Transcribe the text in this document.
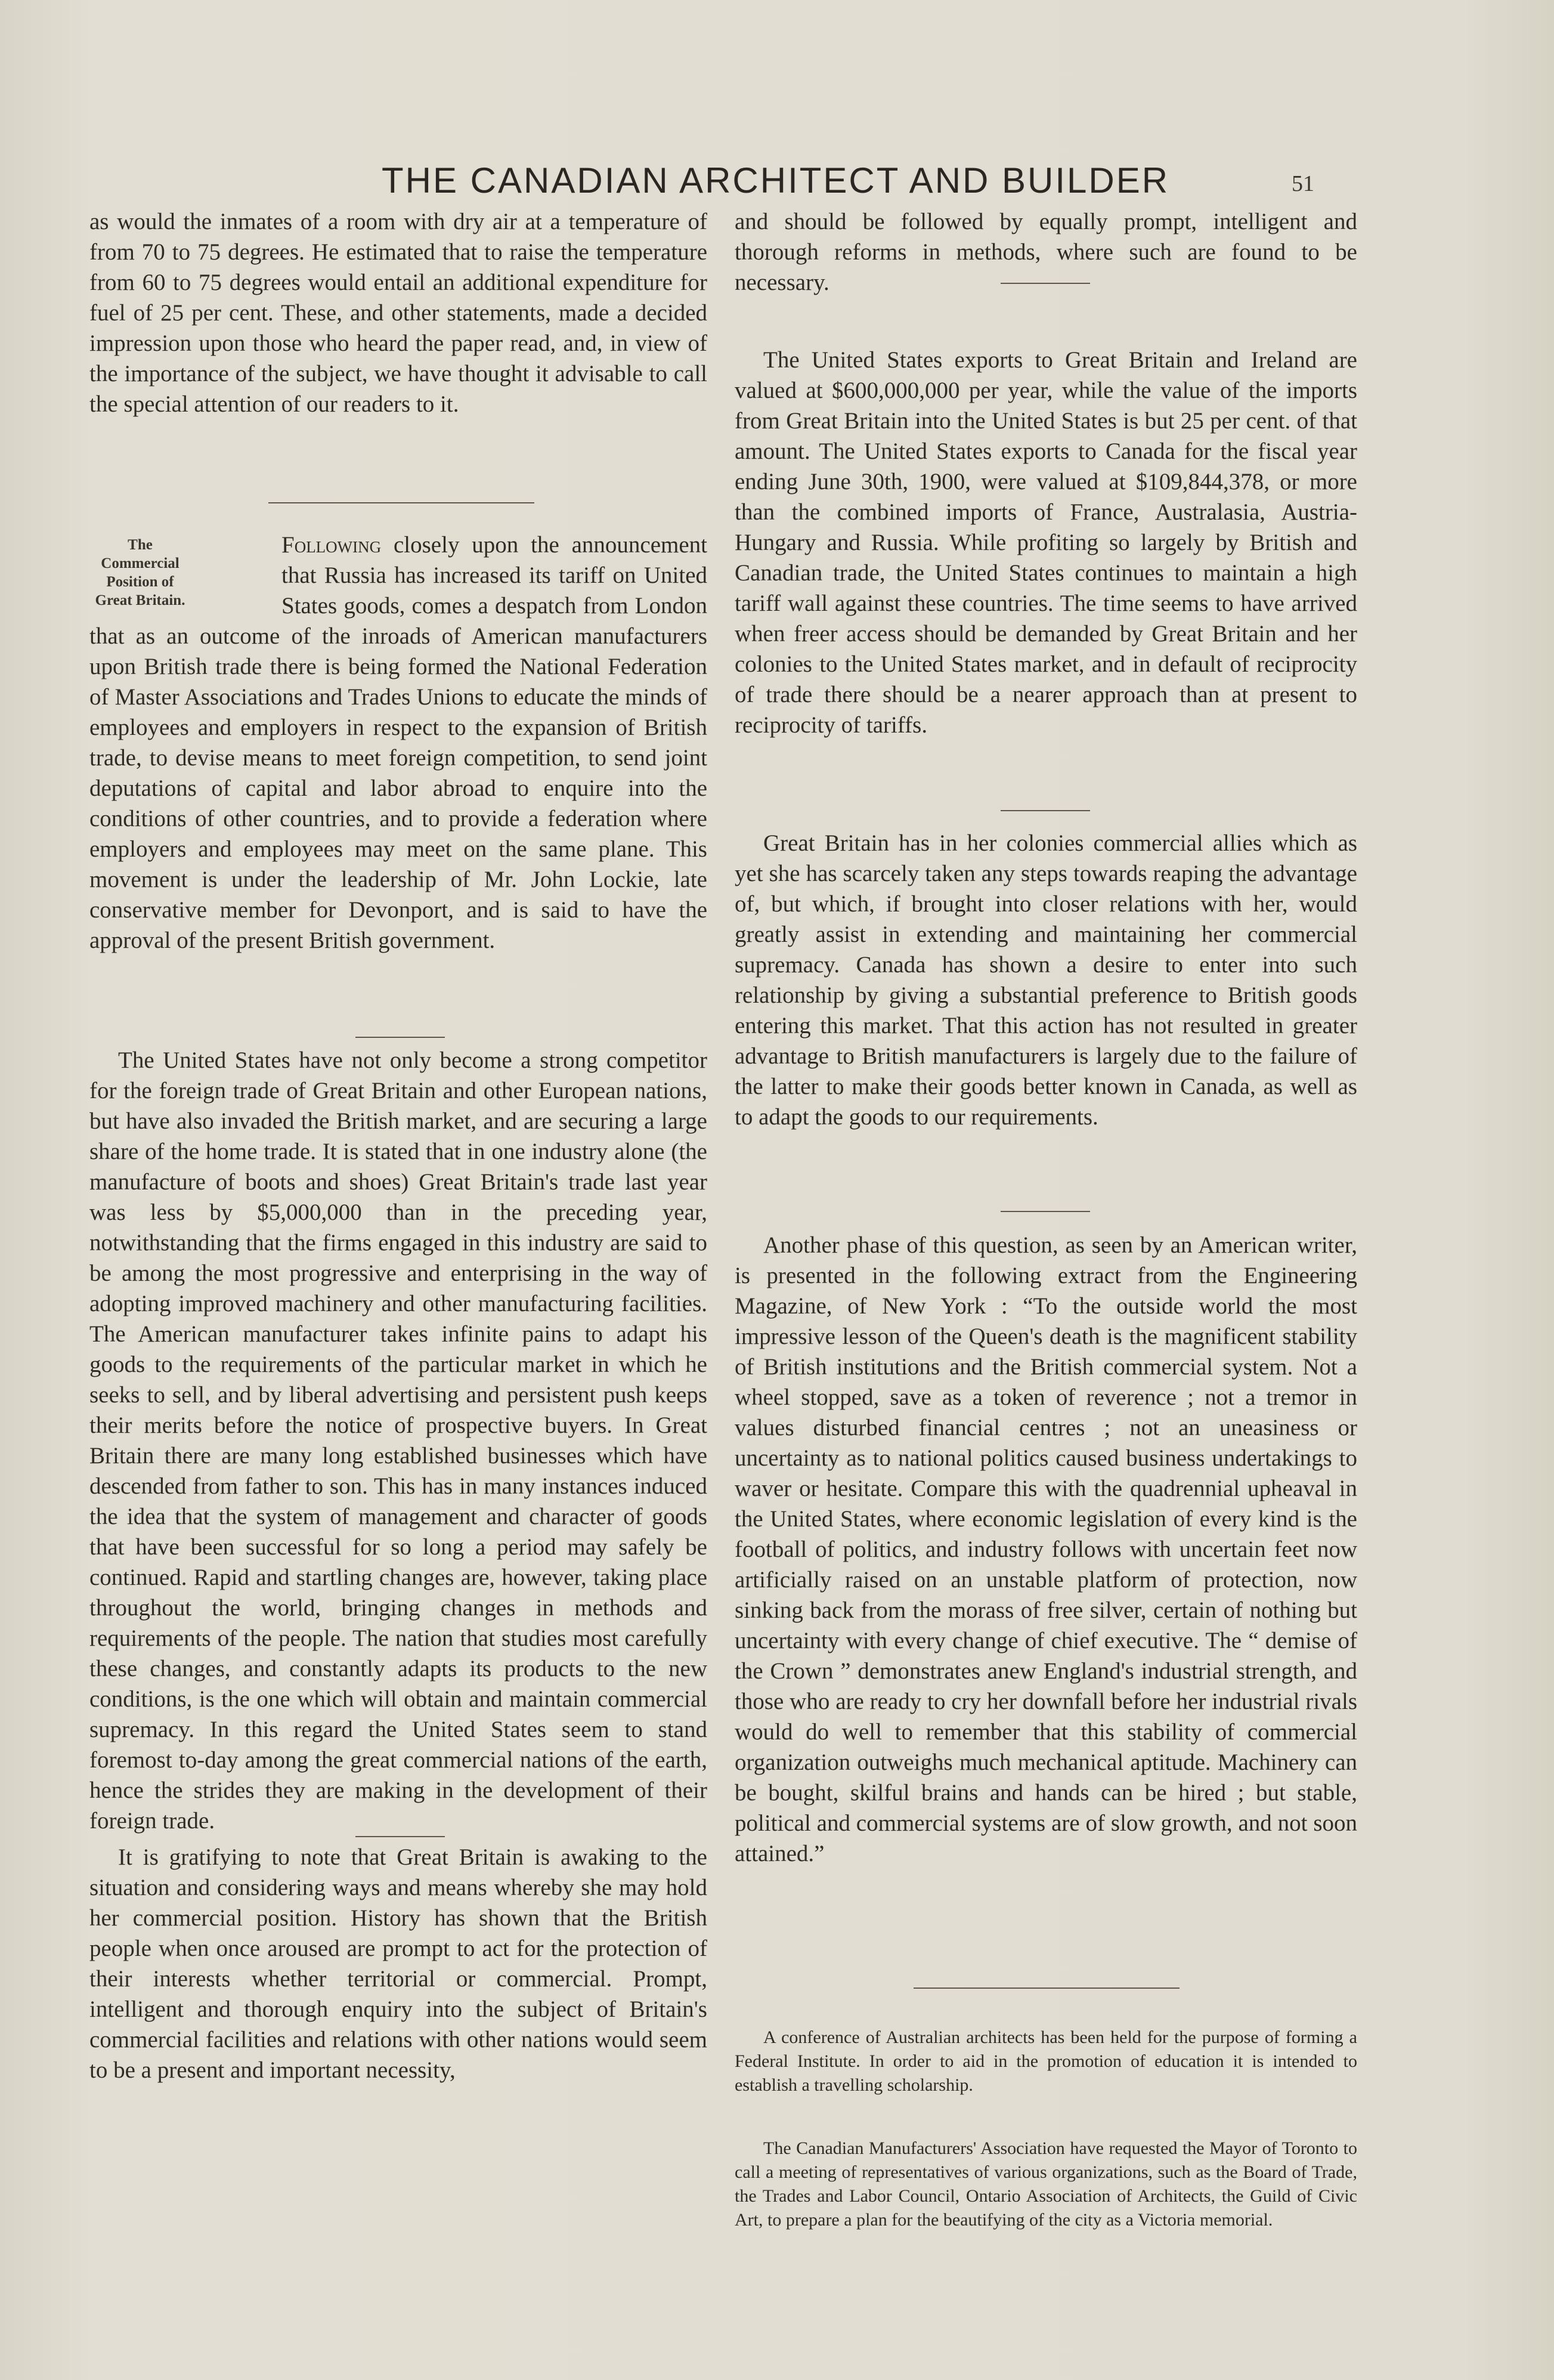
THE CANADIAN ARCHITECT AND BUILDER	51

as would the inmates of a room with dry air at a temperature of from 70 to 75 degrees. He estimated that to raise the temperature from 60 to 75 degrees would entail an additional expenditure for fuel of 25 per cent. These, and other statements, made a decided impression upon those who heard the paper read, and, in view of the importance of the subject, we have thought it advisable to call the special attention of our readers to it.

The Commercial Position of Great Britain.

Following closely upon the announcement that Russia has increased its tariff on United States goods, comes a despatch from London that as an outcome of the inroads of American manufacturers upon British trade there is being formed the National Federation of Master Associations and Trades Unions to educate the minds of employees and employers in respect to the expansion of British trade, to devise means to meet foreign competition, to send joint deputations of capital and labor abroad to enquire into the conditions of other countries, and to provide a federation where employers and employees may meet on the same plane. This movement is under the leadership of Mr. John Lockie, late conservative member for Devonport, and is said to have the approval of the present British government.

The United States have not only become a strong competitor for the foreign trade of Great Britain and other European nations, but have also invaded the British market, and are securing a large share of the home trade. It is stated that in one industry alone (the manufacture of boots and shoes) Great Britain's trade last year was less by $5,000,000 than in the preceding year, notwithstanding that the firms engaged in this industry are said to be among the most progressive and enterprising in the way of adopting improved machinery and other manufacturing facilities. The American manufacturer takes infinite pains to adapt his goods to the requirements of the particular market in which he seeks to sell, and by liberal advertising and persistent push keeps their merits before the notice of prospective buyers. In Great Britain there are many long established businesses which have descended from father to son. This has in many instances induced the idea that the system of management and character of goods that have been successful for so long a period may safely be continued. Rapid and startling changes are, however, taking place throughout the world, bringing changes in methods and requirements of the people. The nation that studies most carefully these changes, and constantly adapts its products to the new conditions, is the one which will obtain and maintain commercial supremacy. In this regard the United States seem to stand foremost to-day among the great commercial nations of the earth, hence the strides they are making in the development of their foreign trade.

It is gratifying to note that Great Britain is awaking to the situation and considering ways and means whereby she may hold her commercial position. History has shown that the British people when once aroused are prompt to act for the protection of their interests whether territorial or commercial. Prompt, intelligent and thorough enquiry into the subject of Britain's commercial facilities and relations with other nations would seem to be a present and important necessity,

and should be followed by equally prompt, intelligent and thorough reforms in methods, where such are found to be necessary.

The United States exports to Great Britain and Ireland are valued at $600,000,000 per year, while the value of the imports from Great Britain into the United States is but 25 per cent. of that amount. The United States exports to Canada for the fiscal year ending June 30th, 1900, were valued at $109,844,378, or more than the combined imports of France, Australasia, Austria-Hungary and Russia. While profiting so largely by British and Canadian trade, the United States continues to maintain a high tariff wall against these countries. The time seems to have arrived when freer access should be demanded by Great Britain and her colonies to the United States market, and in default of reciprocity of trade there should be a nearer approach than at present to reciprocity of tariffs.

Great Britain has in her colonies commercial allies which as yet she has scarcely taken any steps towards reaping the advantage of, but which, if brought into closer relations with her, would greatly assist in extending and maintaining her commercial supremacy. Canada has shown a desire to enter into such relationship by giving a substantial preference to British goods entering this market. That this action has not resulted in greater advantage to British manufacturers is largely due to the failure of the latter to make their goods better known in Canada, as well as to adapt the goods to our requirements.

Another phase of this question, as seen by an American writer, is presented in the following extract from the Engineering Magazine, of New York : “To the outside world the most impressive lesson of the Queen's death is the magnificent stability of British institutions and the British commercial system. Not a wheel stopped, save as a token of reverence ; not a tremor in values disturbed financial centres ; not an uneasiness or uncertainty as to national politics caused business undertakings to waver or hesitate. Compare this with the quadrennial upheaval in the United States, where economic legislation of every kind is the football of politics, and industry follows with uncertain feet now artificially raised on an unstable platform of protection, now sinking back from the morass of free silver, certain of nothing but uncertainty with every change of chief executive. The “ demise of the Crown ” demonstrates anew England's industrial strength, and those who are ready to cry her downfall before her industrial rivals would do well to remember that this stability of commercial organization outweighs much mechanical aptitude. Machinery can be bought, skilful brains and hands can be hired ; but stable, political and commercial systems are of slow growth, and not soon attained.”

A conference of Australian architects has been held for the purpose of forming a Federal Institute. In order to aid in the promotion of education it is intended to establish a travelling scholarship.

The Canadian Manufacturers' Association have requested the Mayor of Toronto to call a meeting of representatives of various organizations, such as the Board of Trade, the Trades and Labor Council, Ontario Association of Architects, the Guild of Civic Art, to prepare a plan for the beautifying of the city as a Victoria memorial.
